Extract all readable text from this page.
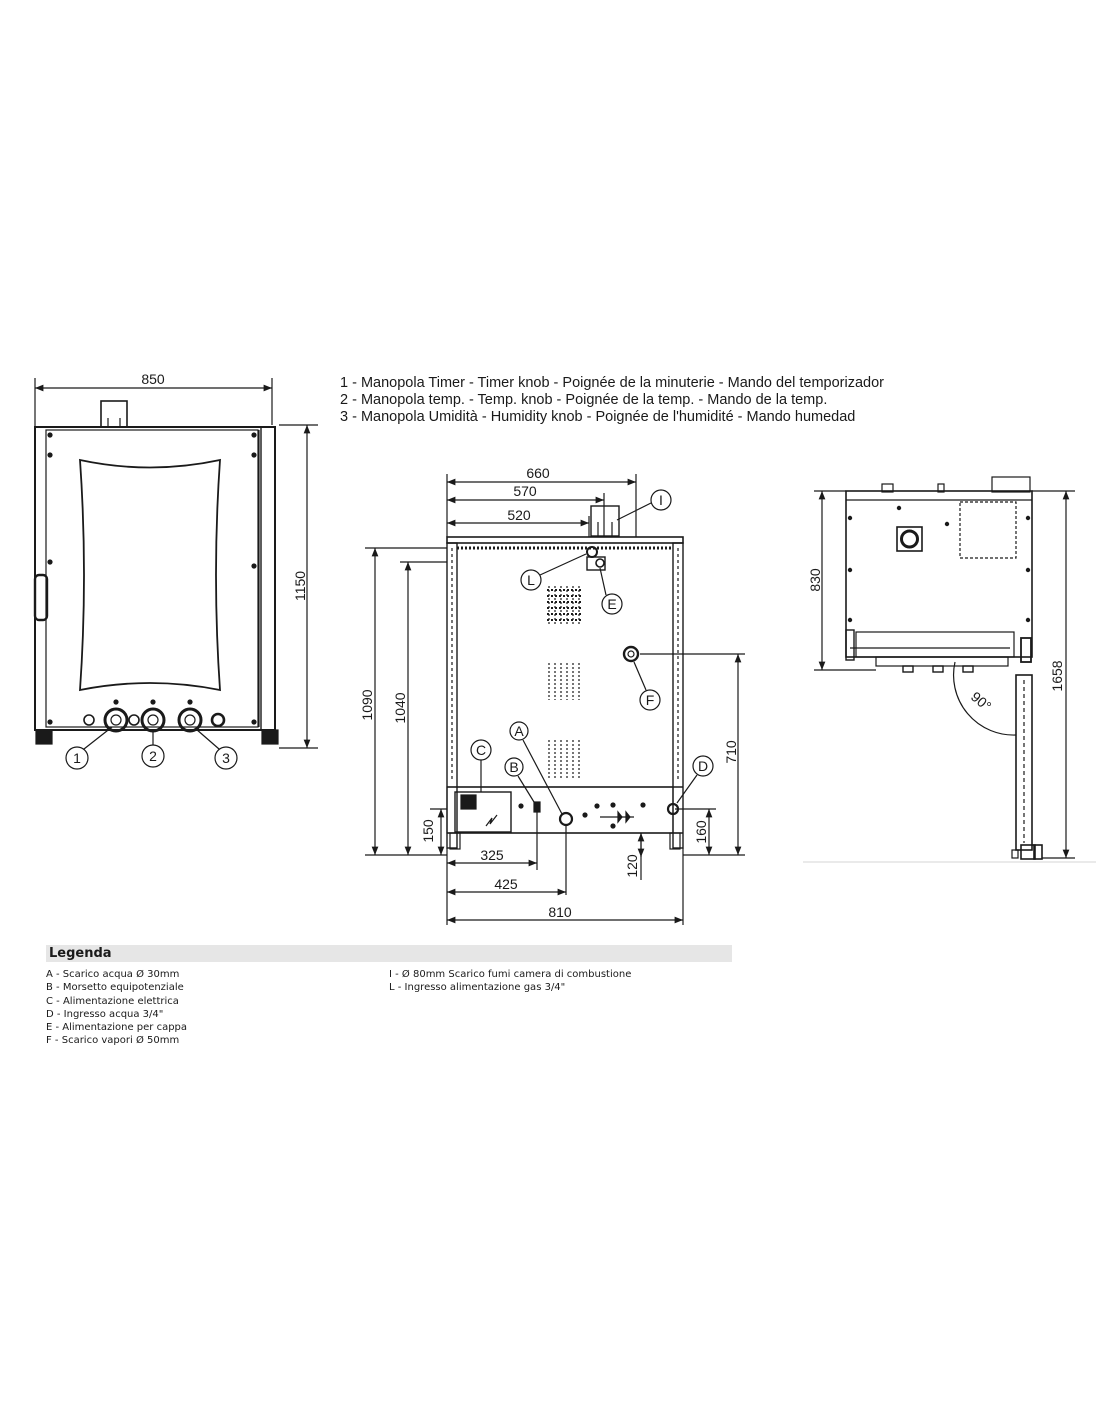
850
1150
1	2	3
660
570
520
1090 1040
150
325
425
810
120
160
710
I
L
E
F
A
B
C
D
830
1658
90°
1 - Manopola Timer - Timer knob - Poignée de la minuterie - Mando del temporizador
2 - Manopola temp. - Temp. knob - Poignée de la temp. - Mando de la temp.
3 - Manopola Umidità - Humidity knob - Poignée de l'humidité - Mando humedad
Legenda
A - Scarico acqua Ø 30mm
B - Morsetto equipotenziale
C - Alimentazione elettrica
D - Ingresso acqua 3/4"
E - Alimentazione per cappa
F - Scarico vapori Ø 50mm
I - Ø 80mm Scarico fumi camera di combustione
L - Ingresso alimentazione gas 3/4"
